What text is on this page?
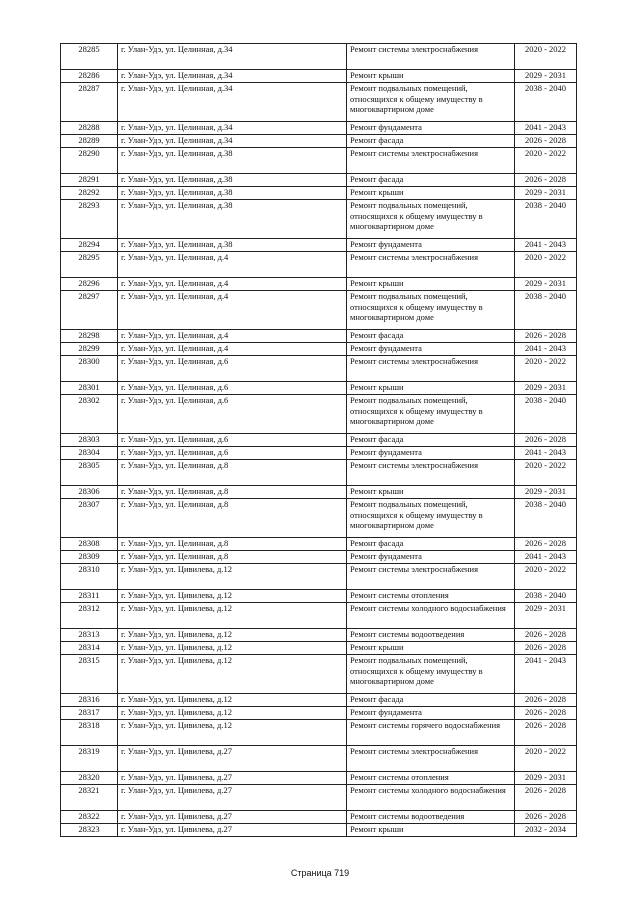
28285	г. Улан-Удэ, ул. Целинная, д.34	Ремонт системы электроснабжения	2020 - 2022
28286	г. Улан-Удэ, ул. Целинная, д.34	Ремонт крыши	2029 - 2031
28287	г. Улан-Удэ, ул. Целинная, д.34	Ремонт подвальных помещений, относящихся к общему имуществу в многоквартирном доме	2038 - 2040
28288	г. Улан-Удэ, ул. Целинная, д.34	Ремонт фундамента	2041 - 2043
28289	г. Улан-Удэ, ул. Целинная, д.34	Ремонт фасада	2026 - 2028
28290	г. Улан-Удэ, ул. Целинная, д.38	Ремонт системы электроснабжения	2020 - 2022
28291	г. Улан-Удэ, ул. Целинная, д.38	Ремонт фасада	2026 - 2028
28292	г. Улан-Удэ, ул. Целинная, д.38	Ремонт крыши	2029 - 2031
28293	г. Улан-Удэ, ул. Целинная, д.38	Ремонт подвальных помещений, относящихся к общему имуществу в многоквартирном доме	2038 - 2040
28294	г. Улан-Удэ, ул. Целинная, д.38	Ремонт фундамента	2041 - 2043
28295	г. Улан-Удэ, ул. Целинная, д.4	Ремонт системы электроснабжения	2020 - 2022
28296	г. Улан-Удэ, ул. Целинная, д.4	Ремонт крыши	2029 - 2031
28297	г. Улан-Удэ, ул. Целинная, д.4	Ремонт подвальных помещений, относящихся к общему имуществу в многоквартирном доме	2038 - 2040
28298	г. Улан-Удэ, ул. Целинная, д.4	Ремонт фасада	2026 - 2028
28299	г. Улан-Удэ, ул. Целинная, д.4	Ремонт фундамента	2041 - 2043
28300	г. Улан-Удэ, ул. Целинная, д.6	Ремонт системы электроснабжения	2020 - 2022
28301	г. Улан-Удэ, ул. Целинная, д.6	Ремонт крыши	2029 - 2031
28302	г. Улан-Удэ, ул. Целинная, д.6	Ремонт подвальных помещений, относящихся к общему имуществу в многоквартирном доме	2038 - 2040
28303	г. Улан-Удэ, ул. Целинная, д.6	Ремонт фасада	2026 - 2028
28304	г. Улан-Удэ, ул. Целинная, д.6	Ремонт фундамента	2041 - 2043
28305	г. Улан-Удэ, ул. Целинная, д.8	Ремонт системы электроснабжения	2020 - 2022
28306	г. Улан-Удэ, ул. Целинная, д.8	Ремонт крыши	2029 - 2031
28307	г. Улан-Удэ, ул. Целинная, д.8	Ремонт подвальных помещений, относящихся к общему имуществу в многоквартирном доме	2038 - 2040
28308	г. Улан-Удэ, ул. Целинная, д.8	Ремонт фасада	2026 - 2028
28309	г. Улан-Удэ, ул. Целинная, д.8	Ремонт фундамента	2041 - 2043
28310	г. Улан-Удэ, ул. Цивилева, д.12	Ремонт системы электроснабжения	2020 - 2022
28311	г. Улан-Удэ, ул. Цивилева, д.12	Ремонт системы отопления	2038 - 2040
28312	г. Улан-Удэ, ул. Цивилева, д.12	Ремонт системы холодного водоснабжения	2029 - 2031
28313	г. Улан-Удэ, ул. Цивилева, д.12	Ремонт системы водоотведения	2026 - 2028
28314	г. Улан-Удэ, ул. Цивилева, д.12	Ремонт крыши	2026 - 2028
28315	г. Улан-Удэ, ул. Цивилева, д.12	Ремонт подвальных помещений, относящихся к общему имуществу в многоквартирном доме	2041 - 2043
28316	г. Улан-Удэ, ул. Цивилева, д.12	Ремонт фасада	2026 - 2028
28317	г. Улан-Удэ, ул. Цивилева, д.12	Ремонт фундамента	2026 - 2028
28318	г. Улан-Удэ, ул. Цивилева, д.12	Ремонт системы горячего водоснабжения	2026 - 2028
28319	г. Улан-Удэ, ул. Цивилева, д.27	Ремонт системы электроснабжения	2020 - 2022
28320	г. Улан-Удэ, ул. Цивилева, д.27	Ремонт системы отопления	2029 - 2031
28321	г. Улан-Удэ, ул. Цивилева, д.27	Ремонт системы холодного водоснабжения	2026 - 2028
28322	г. Улан-Удэ, ул. Цивилева, д.27	Ремонт системы водоотведения	2026 - 2028
28323	г. Улан-Удэ, ул. Цивилева, д.27	Ремонт крыши	2032 - 2034
Страница 719
